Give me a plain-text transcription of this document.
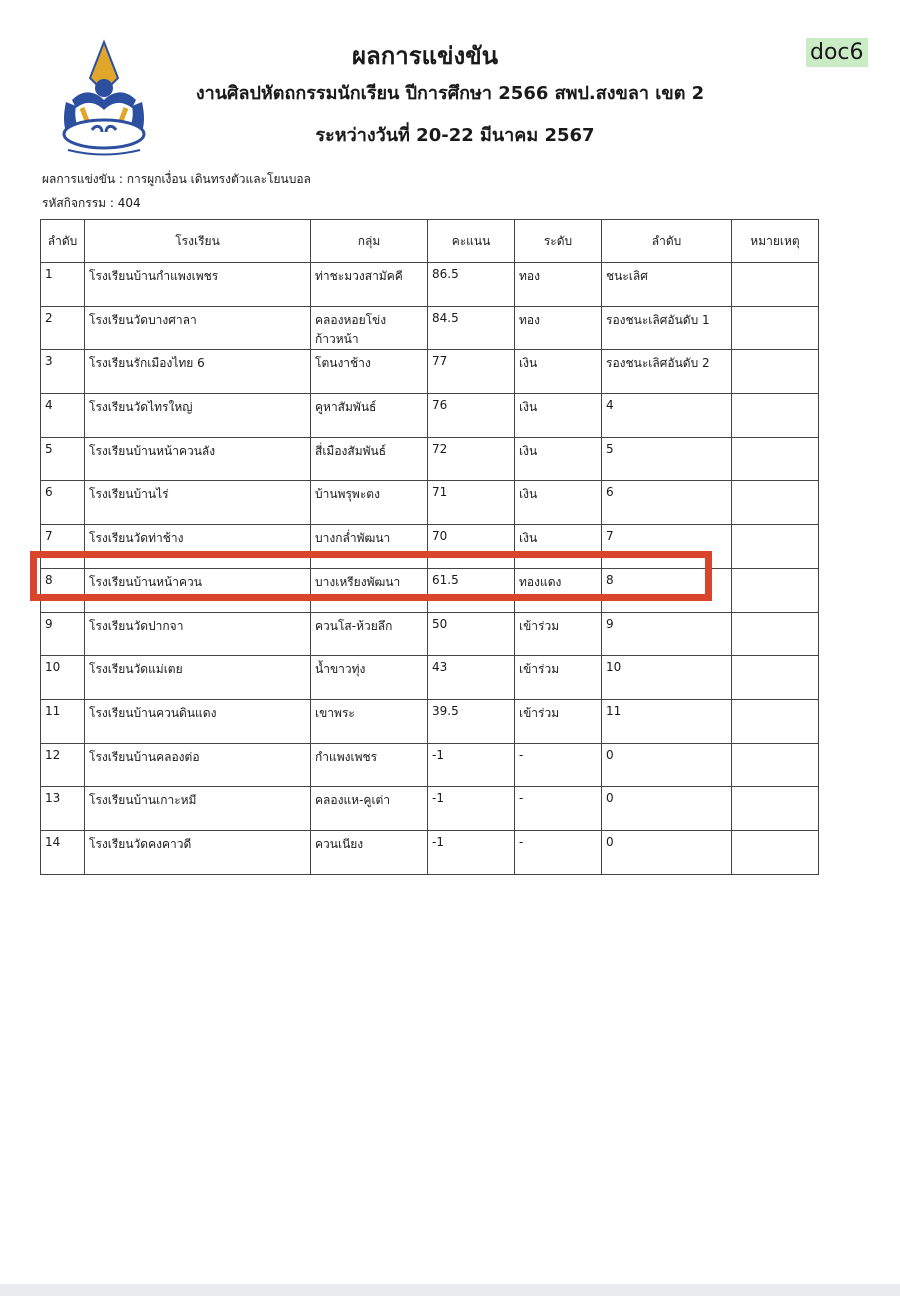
ผลการแข่งขัน
งานศิลปหัตถกรรมนักเรียน ปีการศึกษา 2566 สพป.สงขลา เขต 2
ระหว่างวันที่ 20-22 มีนาคม 2567
doc6
ผลการแข่งขัน : การผูกเงื่อน เดินทรงตัวและโยนบอล
รหัสกิจกรรม : 404
ลำดับ	โรงเรียน	กลุ่ม	คะแนน	ระดับ	ลำดับ	หมายเหตุ
1	โรงเรียนบ้านกำแพงเพชร	ท่าชะมวงสามัคคี	86.5	ทอง	ชนะเลิศ	
2	โรงเรียนวัดบางศาลา	คลองหอยโข่งก้าวหน้า	84.5	ทอง	รองชนะเลิศอันดับ 1	
3	โรงเรียนรักเมืองไทย 6	โตนงาช้าง	77	เงิน	รองชนะเลิศอันดับ 2	
4	โรงเรียนวัดไทรใหญ่	คูหาสัมพันธ์	76	เงิน	4	
5	โรงเรียนบ้านหน้าควนลัง	สี่เมืองสัมพันธ์	72	เงิน	5	
6	โรงเรียนบ้านไร่	บ้านพรุพะตง	71	เงิน	6	
7	โรงเรียนวัดท่าช้าง	บางกล่ำพัฒนา	70	เงิน	7	
8	โรงเรียนบ้านหน้าควน	บางเหรียงพัฒนา	61.5	ทองแดง	8	
9	โรงเรียนวัดปากจา	ควนโส-ห้วยลึก	50	เข้าร่วม	9	
10	โรงเรียนวัดแม่เตย	น้ำขาวทุ่ง	43	เข้าร่วม	10	
11	โรงเรียนบ้านควนดินแดง	เขาพระ	39.5	เข้าร่วม	11	
12	โรงเรียนบ้านคลองต่อ	กำแพงเพชร	-1	-	0	
13	โรงเรียนบ้านเกาะหมี	คลองแห-คูเต่า	-1	-	0	
14	โรงเรียนวัดคงคาวดี	ควนเนียง	-1	-	0	
